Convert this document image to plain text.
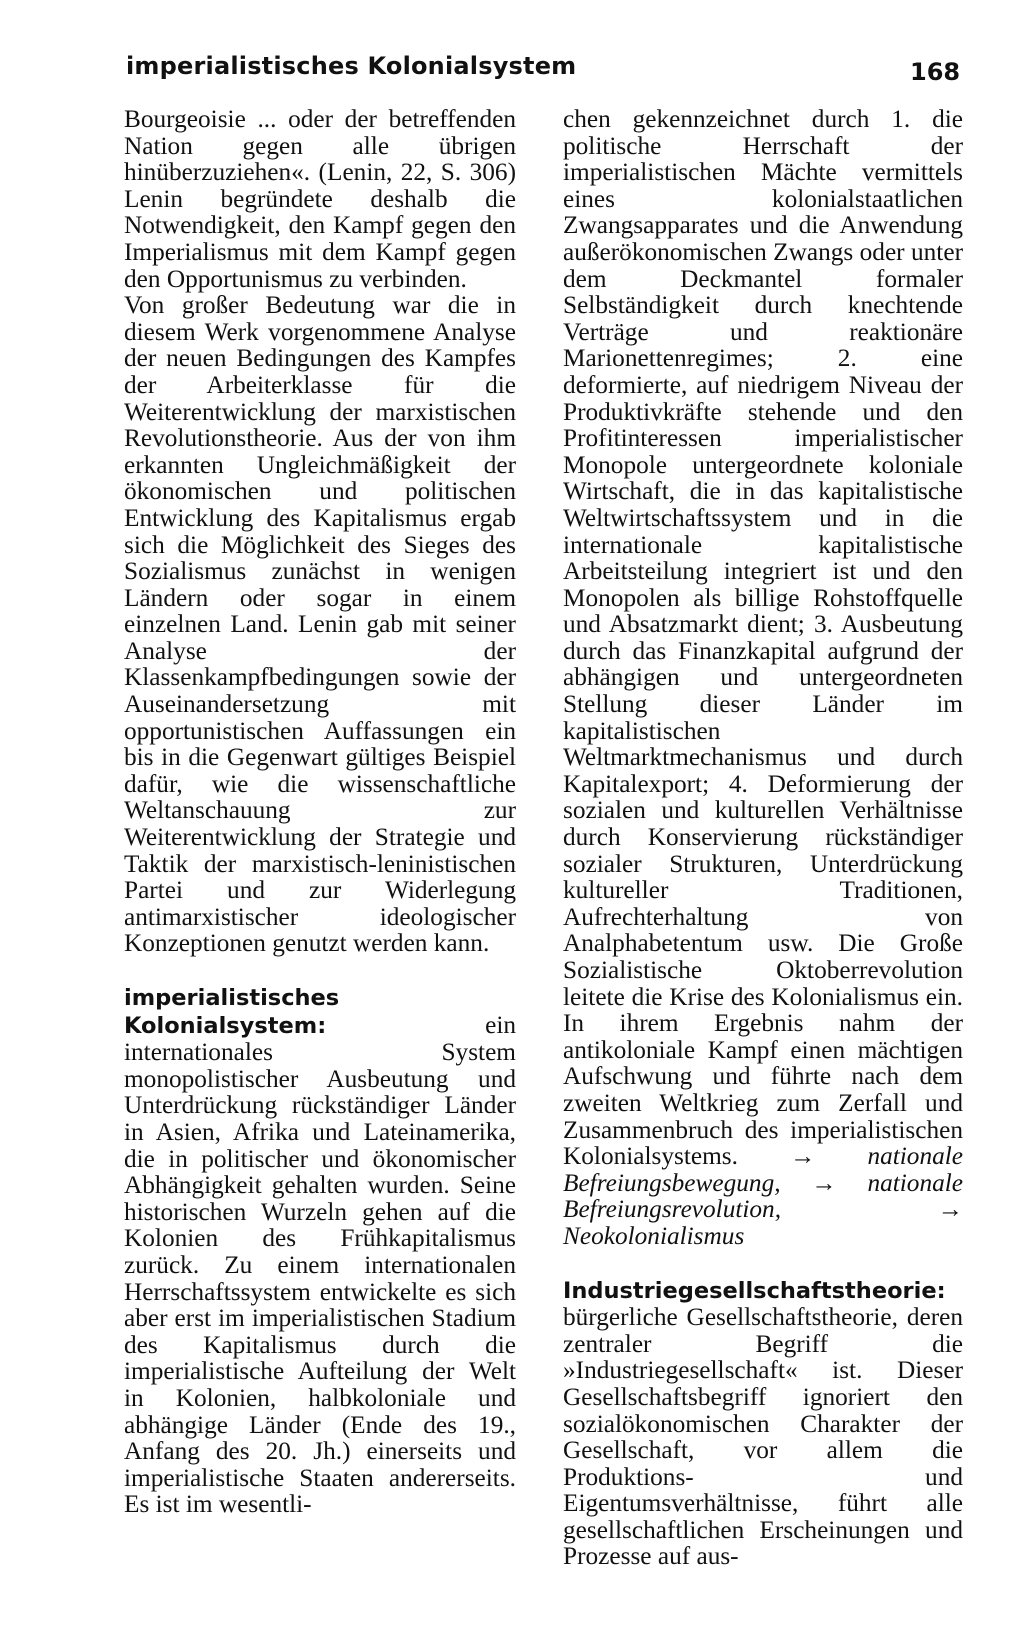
imperialistisches Kolonialsystem	168

Bourgeoisie ... oder der betreffenden Nation gegen alle übrigen hinüberzuziehen«. (Lenin, 22, S. 306) Lenin begründete deshalb die Notwendigkeit, den Kampf gegen den Imperialismus mit dem Kampf gegen den Opportunismus zu verbinden.

Von großer Bedeutung war die in diesem Werk vorgenommene Analyse der neuen Bedingungen des Kampfes der Arbeiterklasse für die Weiterentwicklung der marxistischen Revolutionstheorie. Aus der von ihm erkannten Ungleichmäßigkeit der ökonomischen und politischen Entwicklung des Kapitalismus ergab sich die Möglichkeit des Sieges des Sozialismus zunächst in wenigen Ländern oder sogar in einem einzelnen Land. Lenin gab mit seiner Analyse der Klassenkampfbedingungen sowie der Auseinandersetzung mit opportunistischen Auffassungen ein bis in die Gegenwart gültiges Beispiel dafür, wie die wissenschaftliche Weltanschauung zur Weiterentwicklung der Strategie und Taktik der marxistisch-leninistischen Partei und zur Widerlegung antimarxistischer ideologischer Konzeptionen genutzt werden kann.

imperialistisches Kolonialsystem: ein internationales System monopolistischer Ausbeutung und Unterdrückung rückständiger Länder in Asien, Afrika und Lateinamerika, die in politischer und ökonomischer Abhängigkeit gehalten wurden. Seine historischen Wurzeln gehen auf die Kolonien des Frühkapitalismus zurück. Zu einem internationalen Herrschaftssystem entwickelte es sich aber erst im imperialistischen Stadium des Kapitalismus durch die imperialistische Aufteilung der Welt in Kolonien, halbkoloniale und abhängige Länder (Ende des 19., Anfang des 20. Jh.) einerseits und imperialistische Staaten andererseits. Es ist im wesentli-

chen gekennzeichnet durch 1. die politische Herrschaft der imperialistischen Mächte vermittels eines kolonialstaatlichen Zwangsapparates und die Anwendung außerökonomischen Zwangs oder unter dem Deckmantel formaler Selbständigkeit durch knechtende Verträge und reaktionäre Marionettenregimes; 2. eine deformierte, auf niedrigem Niveau der Produktivkräfte stehende und den Profitinteressen imperialistischer Monopole untergeordnete koloniale Wirtschaft, die in das kapitalistische Weltwirtschaftssystem und in die internationale kapitalistische Arbeitsteilung integriert ist und den Monopolen als billige Rohstoffquelle und Absatzmarkt dient; 3. Ausbeutung durch das Finanzkapital aufgrund der abhängigen und untergeordneten Stellung dieser Länder im kapitalistischen Weltmarktmechanismus und durch Kapitalexport; 4. Deformierung der sozialen und kulturellen Verhältnisse durch Konservierung rückständiger sozialer Strukturen, Unterdrückung kultureller Traditionen, Aufrechterhaltung von Analphabetentum usw. Die Große Sozialistische Oktoberrevolution leitete die Krise des Kolonialismus ein. In ihrem Ergebnis nahm der antikoloniale Kampf einen mächtigen Aufschwung und führte nach dem zweiten Weltkrieg zum Zerfall und Zusammenbruch des imperialistischen Kolonialsystems. → nationale Befreiungsbewegung, → nationale Befreiungsrevolution,	→ Neokolonialismus

Industriegesellschaftstheorie: bürgerliche Gesellschaftstheorie, deren zentraler Begriff die »Industriegesellschaft« ist. Dieser Gesellschaftsbegriff ignoriert den sozialökonomischen Charakter der Gesellschaft, vor allem die Produktions- und Eigentumsverhältnisse, führt alle gesellschaftlichen Erscheinungen und Prozesse auf aus-
